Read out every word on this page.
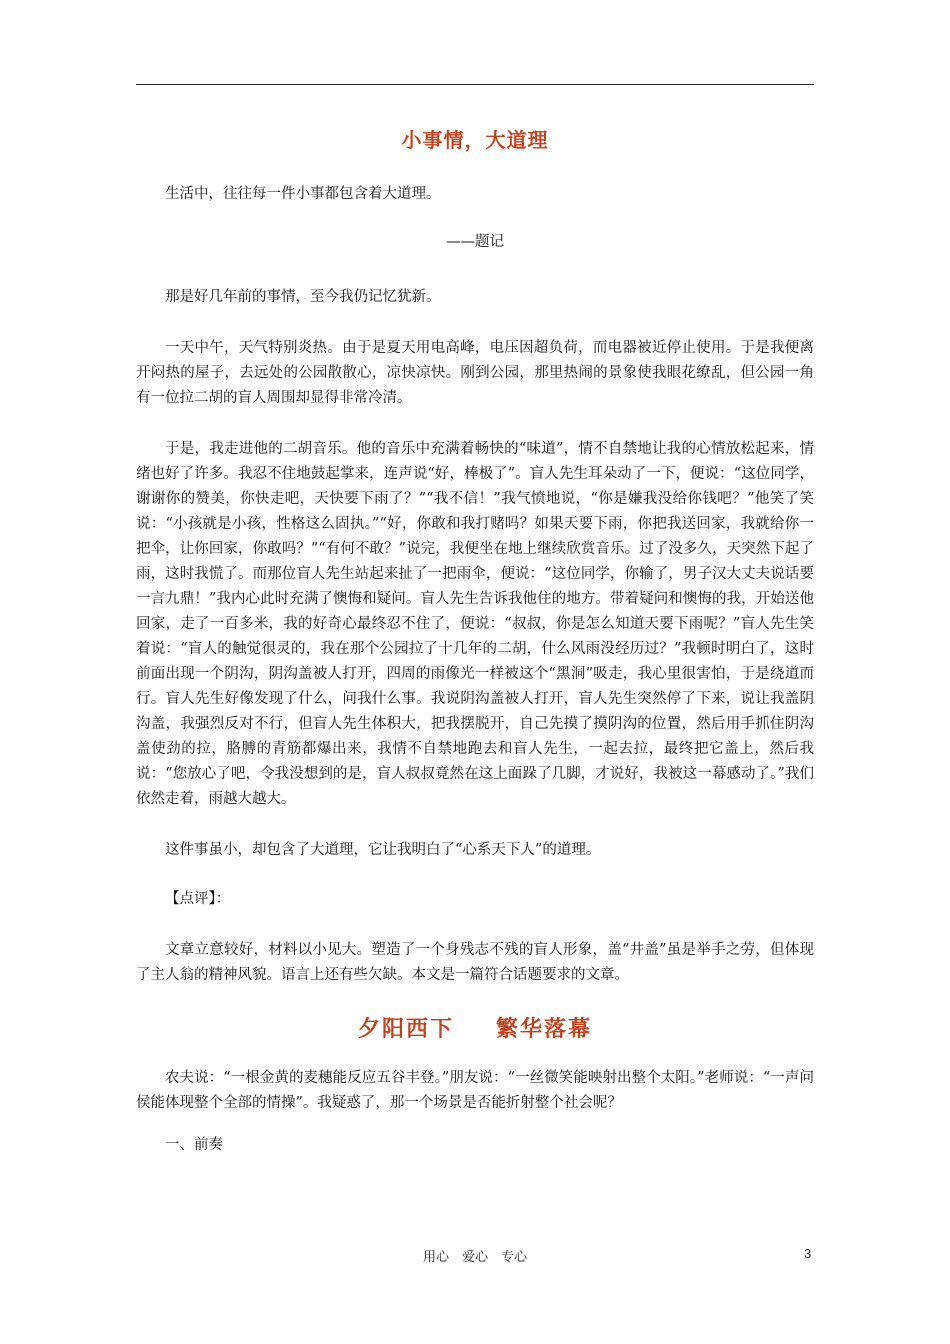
小事情，大道理

生活中，往往每一件小事都包含着大道理。

——题记

那是好几年前的事情，至今我仍记忆犹新。

一天中午，天气特别炎热。由于是夏天用电高峰，电压因超负荷，而电器被近停止使用。于是我便离开闷热的屋子，去远处的公园散散心，凉快凉快。刚到公园，那里热闹的景象使我眼花缭乱，但公园一角有一位拉二胡的盲人周围却显得非常冷清。

于是，我走进他的二胡音乐。他的音乐中充满着畅快的“味道”，情不自禁地让我的心情放松起来，情绪也好了许多。我忍不住地鼓起掌来，连声说“好，棒极了”。盲人先生耳朵动了一下，便说：“这位同学，谢谢你的赞美，你快走吧，天快要下雨了？”“我不信！”我气愤地说，“你是嫌我没给你钱吧？”他笑了笑说：“小孩就是小孩，性格这么固执。”“好，你敢和我打赌吗？如果天要下雨，你把我送回家，我就给你一把伞，让你回家，你敢吗？”“有何不敢？”说完，我便坐在地上继续欣赏音乐。过了没多久，天突然下起了雨，这时我慌了。而那位盲人先生站起来扯了一把雨伞，便说：“这位同学，你输了，男子汉大丈夫说话要一言九鼎！”我内心此时充满了懊悔和疑问。盲人先生告诉我他住的地方。带着疑问和懊悔的我，开始送他回家，走了一百多米，我的好奇心最终忍不住了，便说：“叔叔，你是怎么知道天要下雨呢？”盲人先生笑着说：“盲人的触觉很灵的，我在那个公园拉了十几年的二胡，什么风雨没经历过？”我顿时明白了，这时前面出现一个阴沟，阴沟盖被人打开，四周的雨像光一样被这个“黑洞”吸走，我心里很害怕，于是绕道而行。盲人先生好像发现了什么，问我什么事。我说阴沟盖被人打开，盲人先生突然停了下来，说让我盖阴沟盖，我强烈反对不行，但盲人先生体积大，把我摆脱开，自己先摸了摸阴沟的位置，然后用手抓住阴沟盖使劲的拉，胳膊的青筋都爆出来，我情不自禁地跑去和盲人先生，一起去拉，最终把它盖上，然后我说：“您放心了吧，令我没想到的是，盲人叔叔竟然在这上面跺了几脚，才说好，我被这一幕感动了。”我们依然走着，雨越大越大。

这件事虽小，却包含了大道理，它让我明白了“心系天下人”的道理。

【点评】：

文章立意较好，材料以小见大。塑造了一个身残志不残的盲人形象，盖“井盖”虽是举手之劳，但体现了主人翁的精神风貌。语言上还有些欠缺。本文是一篇符合话题要求的文章。

夕阳西下 繁华落幕

农夫说：“一根金黄的麦穗能反应五谷丰登。”朋友说：“一丝微笑能映射出整个太阳。”老师说：“一声问侯能体现整个全部的情操”。我疑惑了，那一个场景是否能折射整个社会呢？

一、前奏

用心　爱心　专心	3
